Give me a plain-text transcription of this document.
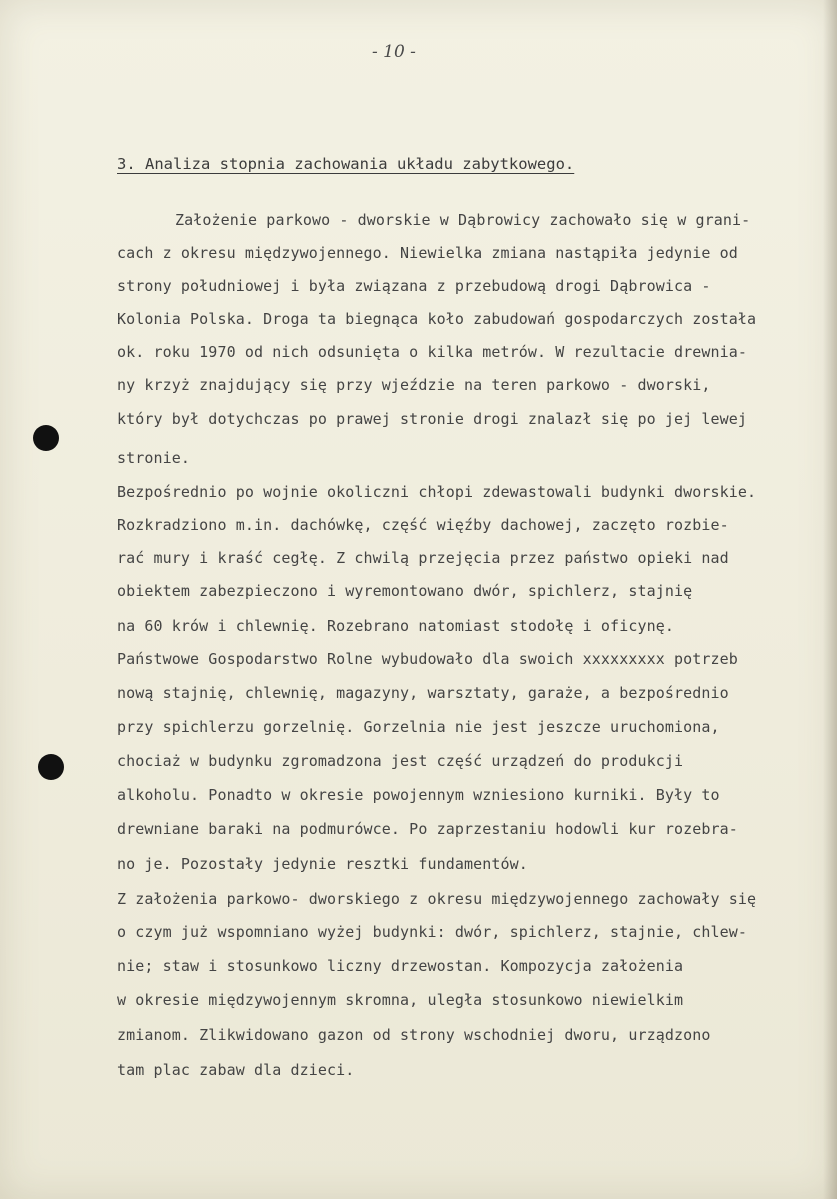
- 10 -
3. Analiza stopnia zachowania układu zabytkowego.
Założenie parkowo - dworskie w Dąbrowicy zachowało się w grani-
cach z okresu międzywojennego. Niewielka zmiana nastąpiła jedynie od
strony południowej i była związana z przebudową drogi Dąbrowica -
Kolonia Polska. Droga ta biegnąca koło zabudowań gospodarczych została
ok. roku 1970 od nich odsunięta o kilka metrów. W rezultacie drewnia-
ny krzyż znajdujący się przy wjeździe na teren parkowo - dworski,
który był dotychczas po prawej stronie drogi znalazł się po jej lewej
stronie.
Bezpośrednio po wojnie okoliczni chłopi zdewastowali budynki dworskie.
Rozkradziono m.in. dachówkę, część więźby dachowej, zaczęto rozbie-
rać mury i kraść cegłę. Z chwilą przejęcia przez państwo opieki nad
obiektem zabezpieczono i wyremontowano dwór, spichlerz, stajnię
na 60 krów i chlewnię. Rozebrano natomiast stodołę i oficynę.
Państwowe Gospodarstwo Rolne wybudowało dla swoich xxxxxxxxx potrzeb
nową stajnię, chlewnię, magazyny, warsztaty, garaże, a bezpośrednio
przy spichlerzu gorzelnię. Gorzelnia nie jest jeszcze uruchomiona,
chociaż w budynku zgromadzona jest część urządzeń do produkcji
alkoholu. Ponadto w okresie powojennym wzniesiono kurniki. Były to
drewniane baraki na podmurówce. Po zaprzestaniu hodowli kur rozebra-
no je. Pozostały jedynie resztki fundamentów.
Z założenia parkowo- dworskiego z okresu międzywojennego zachowały się
o czym już wspomniano wyżej budynki: dwór, spichlerz, stajnie, chlew-
nie; staw i stosunkowo liczny drzewostan. Kompozycja założenia
w okresie międzywojennym skromna, uległa stosunkowo niewielkim
zmianom. Zlikwidowano gazon od strony wschodniej dworu, urządzono
tam plac zabaw dla dzieci.
